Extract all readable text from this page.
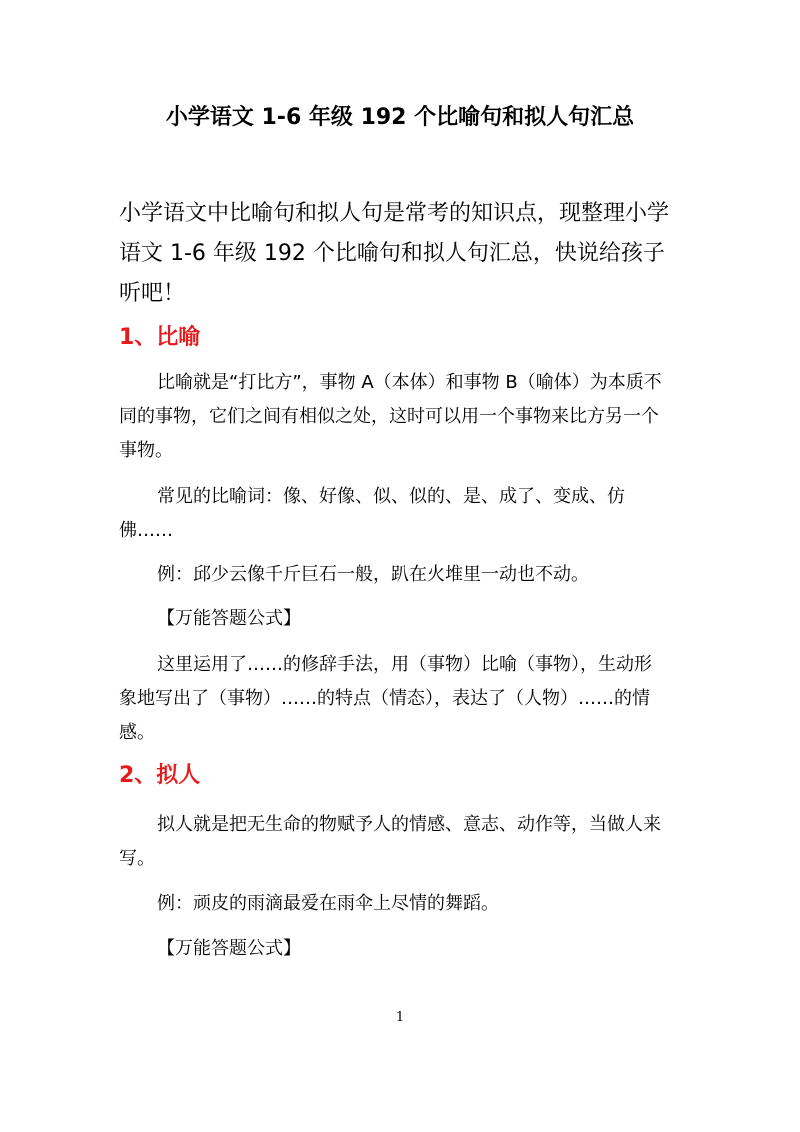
小学语文 1-6 年级 192 个比喻句和拟人句汇总

小学语文中比喻句和拟人句是常考的知识点，现整理小学语文 1-6 年级 192 个比喻句和拟人句汇总，快说给孩子听吧！

1、比喻

比喻就是“打比方”，事物 A（本体）和事物 B（喻体）为本质不同的事物，它们之间有相似之处，这时可以用一个事物来比方另一个事物。

常见的比喻词：像、好像、似、似的、是、成了、变成、仿佛……

例：邱少云像千斤巨石一般，趴在火堆里一动也不动。

【万能答题公式】

这里运用了……的修辞手法，用（事物）比喻（事物），生动形象地写出了（事物）……的特点（情态），表达了（人物）……的情感。

2、拟人

拟人就是把无生命的物赋予人的情感、意志、动作等，当做人来写。

例：顽皮的雨滴最爱在雨伞上尽情的舞蹈。

【万能答题公式】

1
